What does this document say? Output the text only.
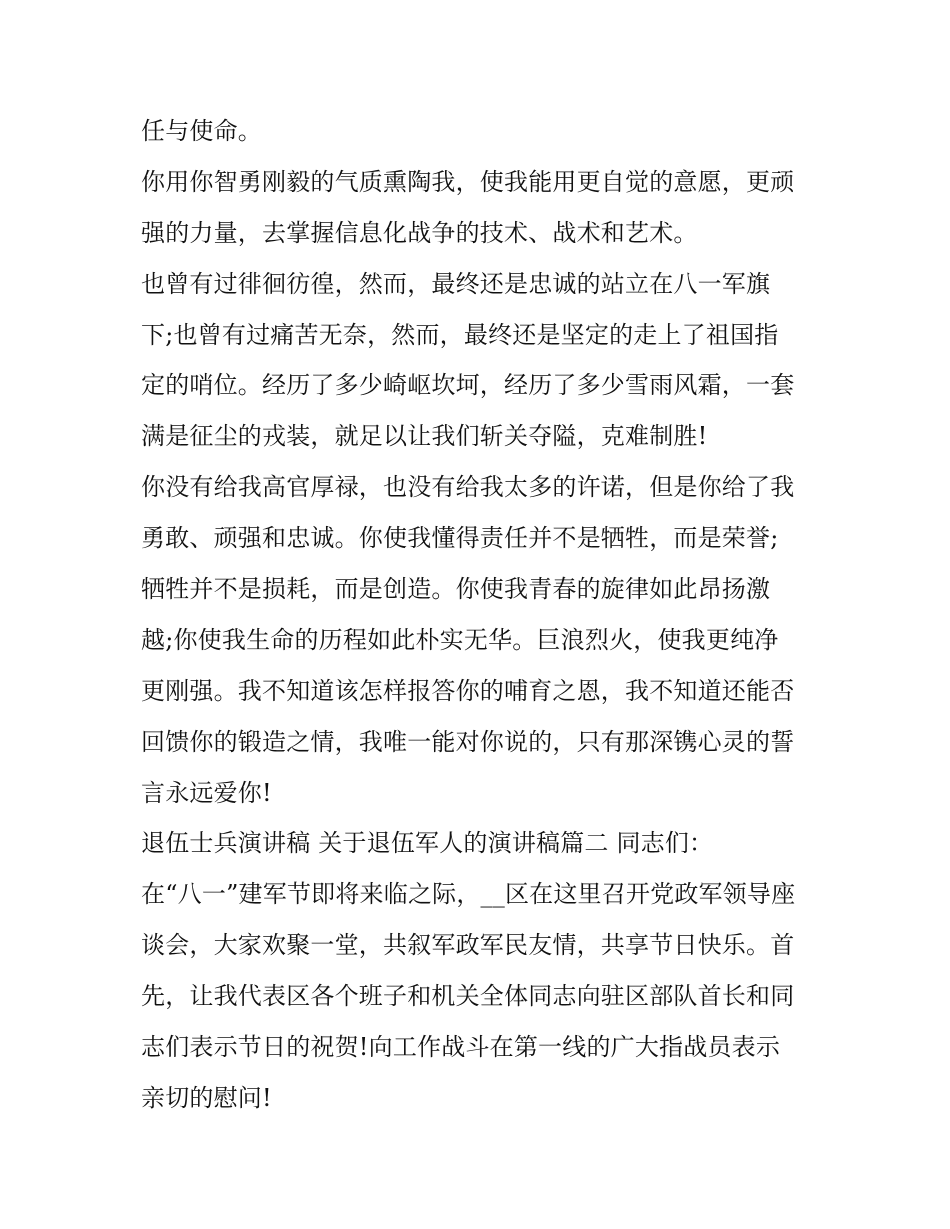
任与使命。
你用你智勇刚毅的气质熏陶我，使我能用更自觉的意愿，更顽
强的力量，去掌握信息化战争的技术、战术和艺术。
也曾有过徘徊彷徨，然而，最终还是忠诚的站立在八一军旗
下;也曾有过痛苦无奈，然而，最终还是坚定的走上了祖国指
定的哨位。经历了多少崎岖坎坷，经历了多少雪雨风霜，一套
满是征尘的戎装，就足以让我们斩关夺隘，克难制胜!
你没有给我高官厚禄，也没有给我太多的许诺，但是你给了我
勇敢、顽强和忠诚。你使我懂得责任并不是牺牲，而是荣誉;
牺牲并不是损耗，而是创造。你使我青春的旋律如此昂扬激
越;你使我生命的历程如此朴实无华。巨浪烈火，使我更纯净
更刚强。我不知道该怎样报答你的哺育之恩，我不知道还能否
回馈你的锻造之情，我唯一能对你说的，只有那深镌心灵的誓
言永远爱你!
退伍士兵演讲稿 关于退伍军人的演讲稿篇二 同志们：
在“八一”建军节即将来临之际，__区在这里召开党政军领导座
谈会，大家欢聚一堂，共叙军政军民友情，共享节日快乐。首
先，让我代表区各个班子和机关全体同志向驻区部队首长和同
志们表示节日的祝贺!向工作战斗在第一线的广大指战员表示
亲切的慰问!
